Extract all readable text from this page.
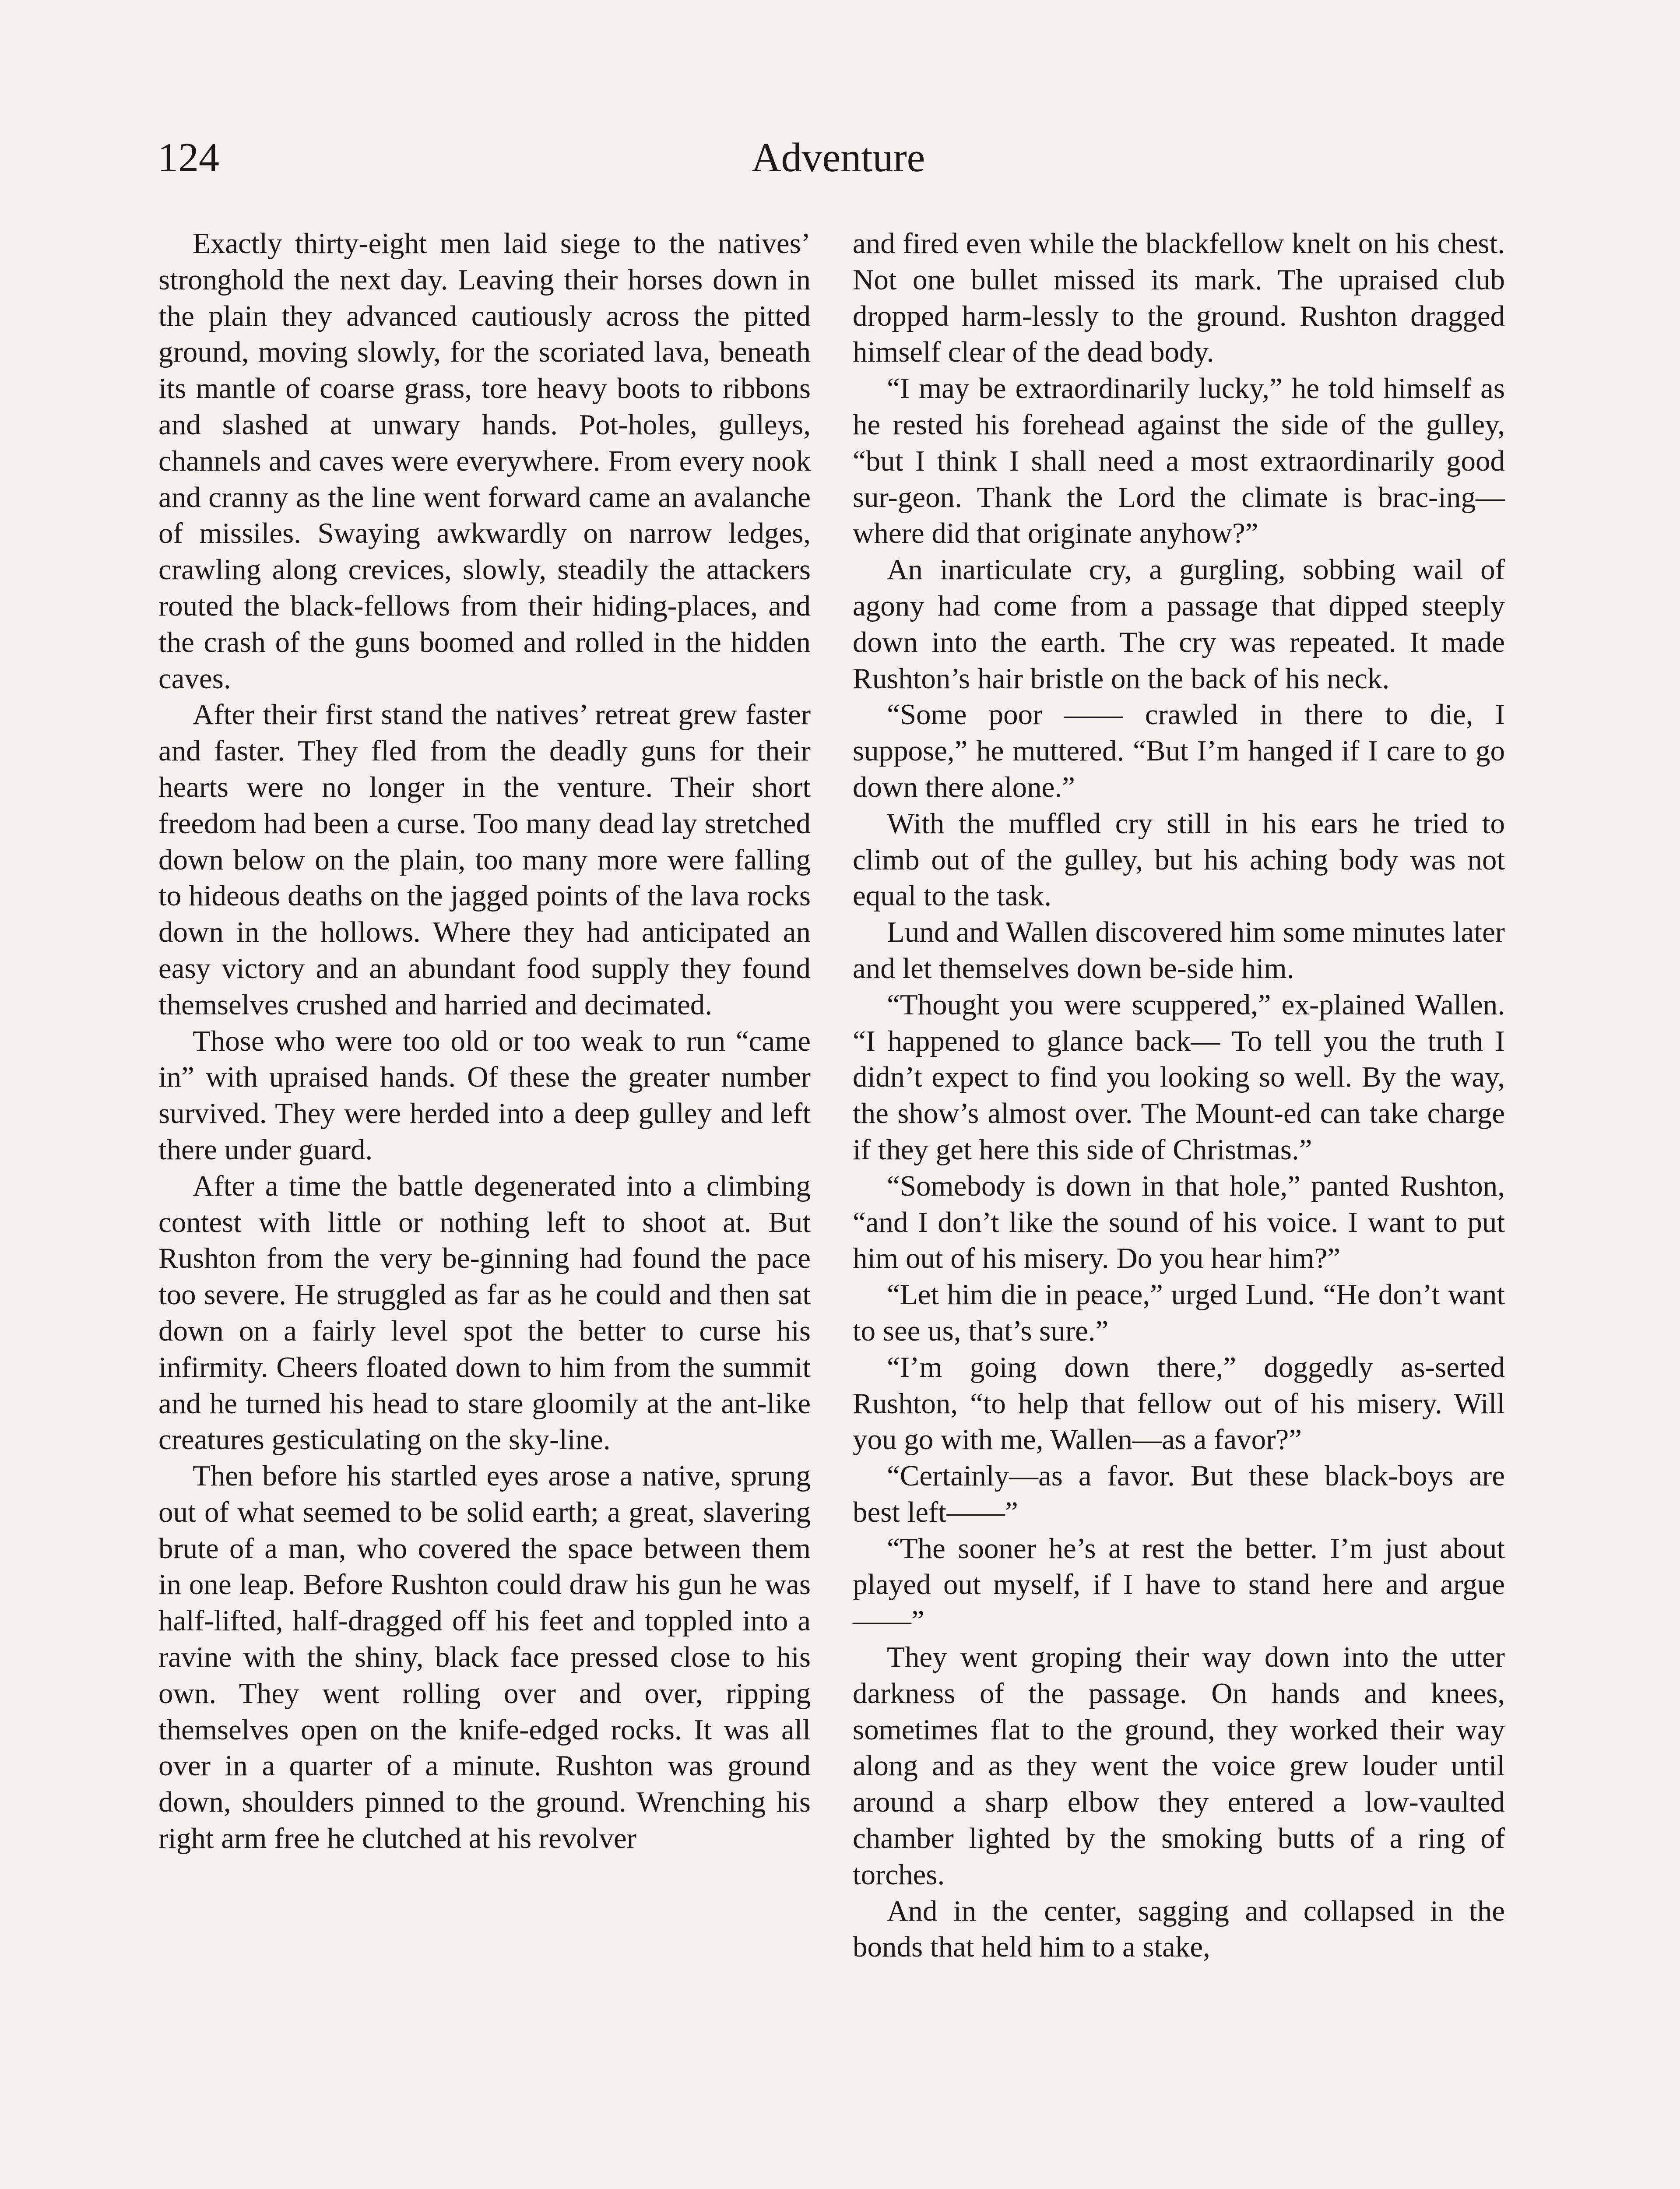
124	Adventure

Exactly thirty-eight men laid siege to the natives’ stronghold the next day. Leaving their horses down in the plain they advanced cautiously across the pitted ground, moving slowly, for the scoriated lava, beneath its mantle of coarse grass, tore heavy boots to ribbons and slashed at unwary hands. Pot-holes, gulleys, channels and caves were everywhere. From every nook and cranny as the line went forward came an avalanche of missiles. Swaying awkwardly on narrow ledges, crawling along crevices, slowly, steadily the attackers routed the black-fellows from their hiding-places, and the crash of the guns boomed and rolled in the hidden caves.

After their first stand the natives’ retreat grew faster and faster. They fled from the deadly guns for their hearts were no longer in the venture. Their short freedom had been a curse. Too many dead lay stretched down below on the plain, too many more were falling to hideous deaths on the jagged points of the lava rocks down in the hollows. Where they had anticipated an easy victory and an abundant food supply they found themselves crushed and harried and decimated.

Those who were too old or too weak to run “came in” with upraised hands. Of these the greater number survived. They were herded into a deep gulley and left there under guard.

After a time the battle degenerated into a climbing contest with little or nothing left to shoot at. But Rushton from the very be-ginning had found the pace too severe. He struggled as far as he could and then sat down on a fairly level spot the better to curse his infirmity. Cheers floated down to him from the summit and he turned his head to stare gloomily at the ant-like creatures gesticulating on the sky-line.

Then before his startled eyes arose a native, sprung out of what seemed to be solid earth; a great, slavering brute of a man, who covered the space between them in one leap. Before Rushton could draw his gun he was half-lifted, half-dragged off his feet and toppled into a ravine with the shiny, black face pressed close to his own. They went rolling over and over, ripping themselves open on the knife-edged rocks. It was all over in a quarter of a minute. Rushton was ground down, shoulders pinned to the ground. Wrenching his right arm free he clutched at his revolver

and fired even while the blackfellow knelt on his chest. Not one bullet missed its mark. The upraised club dropped harm-lessly to the ground. Rushton dragged himself clear of the dead body.

“I may be extraordinarily lucky,” he told himself as he rested his forehead against the side of the gulley, “but I think I shall need a most extraordinarily good sur-geon. Thank the Lord the climate is brac-ing—where did that originate anyhow?”

An inarticulate cry, a gurgling, sobbing wail of agony had come from a passage that dipped steeply down into the earth. The cry was repeated. It made Rushton’s hair bristle on the back of his neck.

“Some poor —— crawled in there to die, I suppose,” he muttered. “But I’m hanged if I care to go down there alone.”

With the muffled cry still in his ears he tried to climb out of the gulley, but his aching body was not equal to the task.

Lund and Wallen discovered him some minutes later and let themselves down be-side him.

“Thought you were scuppered,” ex-plained Wallen. “I happened to glance back— To tell you the truth I didn’t expect to find you looking so well. By the way, the show’s almost over. The Mount-ed can take charge if they get here this side of Christmas.”

“Somebody is down in that hole,” panted Rushton, “and I don’t like the sound of his voice. I want to put him out of his misery. Do you hear him?”

“Let him die in peace,” urged Lund. “He don’t want to see us, that’s sure.”

“I’m going down there,” doggedly as-serted Rushton, “to help that fellow out of his misery. Will you go with me, Wallen—as a favor?”

“Certainly—as a favor. But these black-boys are best left——”

“The sooner he’s at rest the better. I’m just about played out myself, if I have to stand here and argue——”

They went groping their way down into the utter darkness of the passage. On hands and knees, sometimes flat to the ground, they worked their way along and as they went the voice grew louder until around a sharp elbow they entered a low-vaulted chamber lighted by the smoking butts of a ring of torches.

And in the center, sagging and collapsed in the bonds that held him to a stake,
